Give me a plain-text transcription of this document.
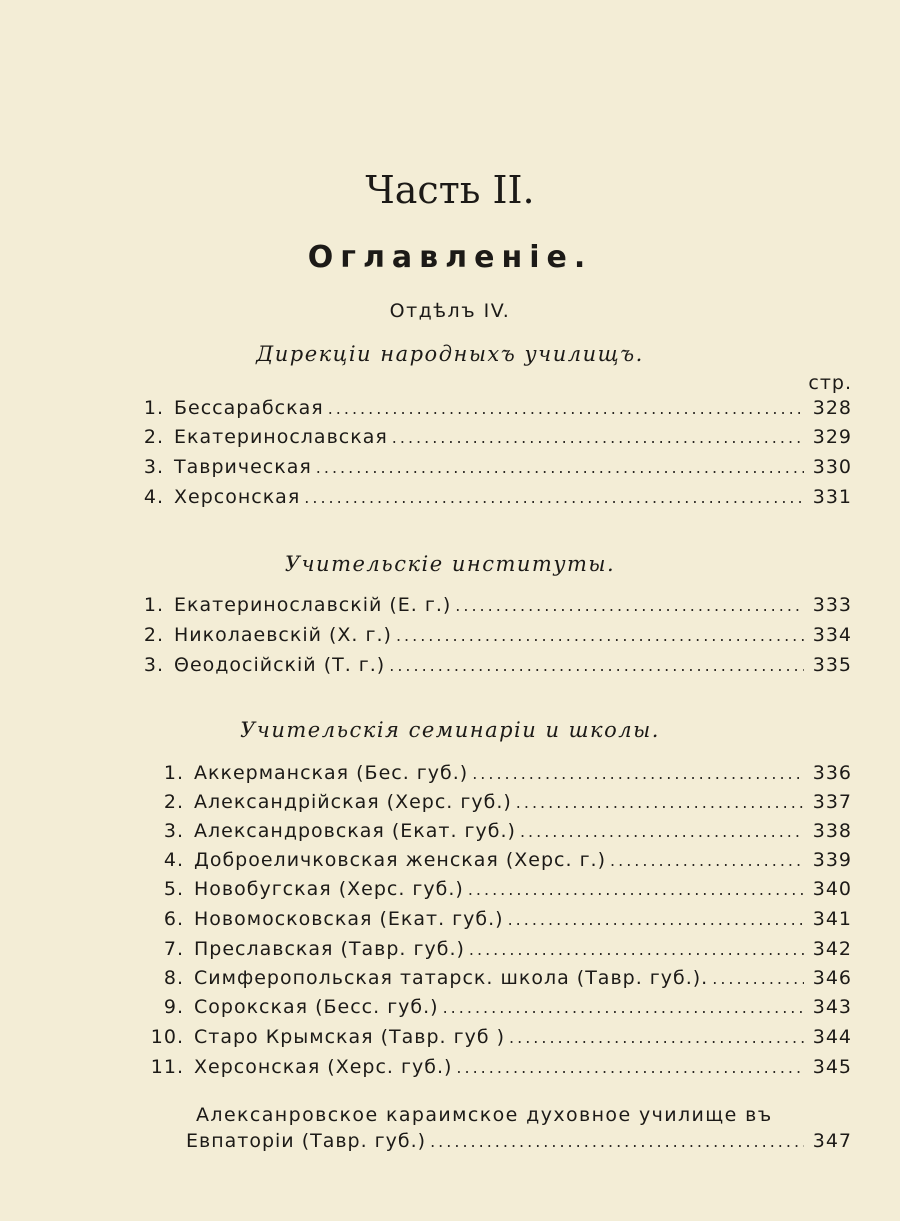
Часть II.
Оглавленіе.
Отдѣлъ IV.
Дирекціи народныхъ училищъ.
стр.
1. Бессарабская .....	328
2. Екатеринославская .....	329
3. Таврическая .....	330
4. Херсонская .....	331
Учительскіе институты.
1. Екатеринославскій (Е. г.) .....	333
2. Николаевскій (Х. г.) .....	334
3. Θеодосійскій (Т. г.) .....	335
Учительскія семинаріи и школы.
1. Аккерманская (Бес. губ.) .....	336
2. Александрійская (Херс. губ.) .....	337
3. Александровская (Екат. губ.) .....	338
4. Доброеличковская женская (Херс. г.) .....	339
5. Новобугская (Херс. губ.) .....	340
6. Новомосковская (Екат. губ.) .....	341
7. Преславская (Тавр. губ.) .....	342
8. Симферопольская татарск. школа (Тавр. губ.). .....	346
9. Сорокская (Бесс. губ.) .....	343
10. Старо Крымская (Тавр. губ ) .....	344
11. Херсонская (Херс. губ.) .....	345
Алексанровское караимское духовное училище въ
Евпаторіи (Тавр. губ.) .....	347
